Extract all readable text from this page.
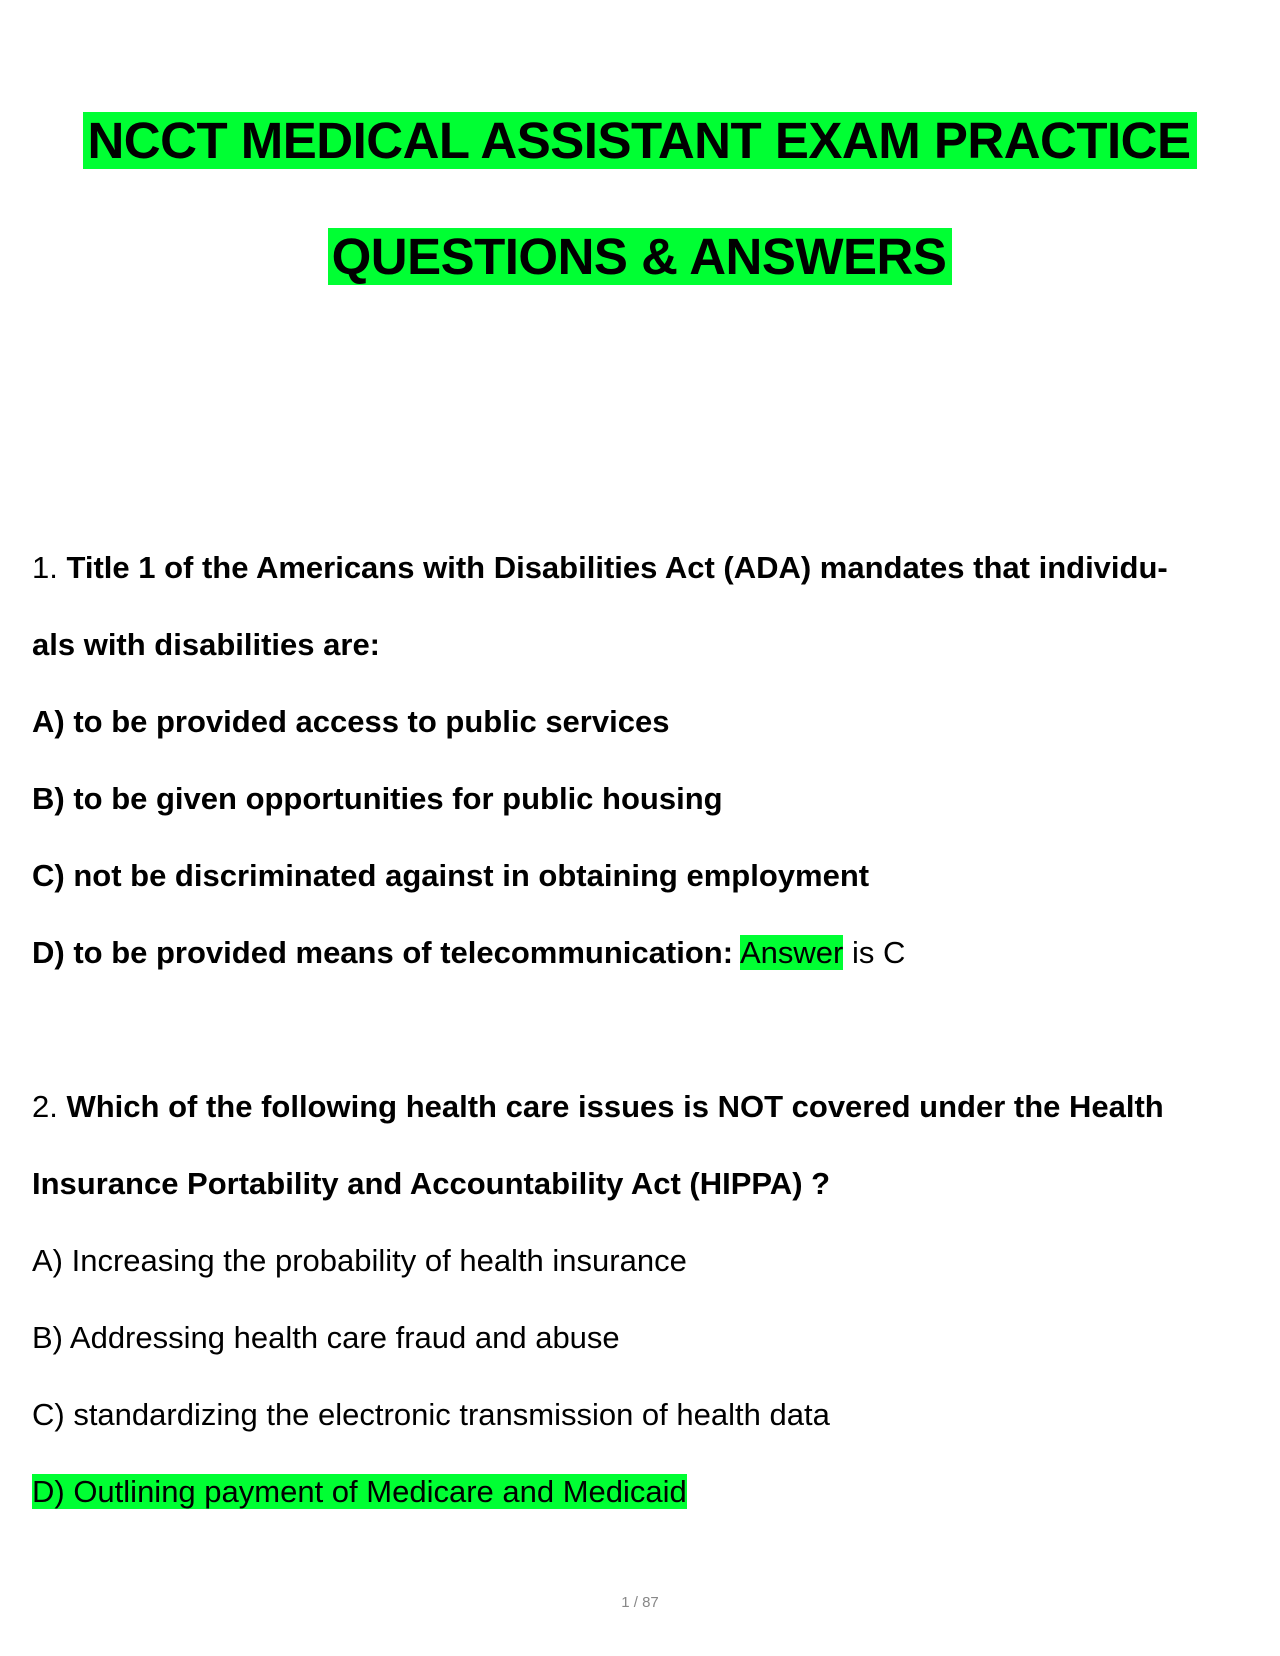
NCCT MEDICAL ASSISTANT EXAM PRACTICE
QUESTIONS & ANSWERS
1. Title 1 of the Americans with Disabilities Act (ADA) mandates that individu-
als with disabilities are:
A) to be provided access to public services
B) to be given opportunities for public housing
C) not be discriminated against in obtaining employment
D) to be provided means of telecommunication: Answer is C
2. Which of the following health care issues is NOT covered under the Health
Insurance Portability and Accountability Act (HIPPA) ?
A) Increasing the probability of health insurance
B) Addressing health care fraud and abuse
C) standardizing the electronic transmission of health data
D) Outlining payment of Medicare and Medicaid
1 / 87
